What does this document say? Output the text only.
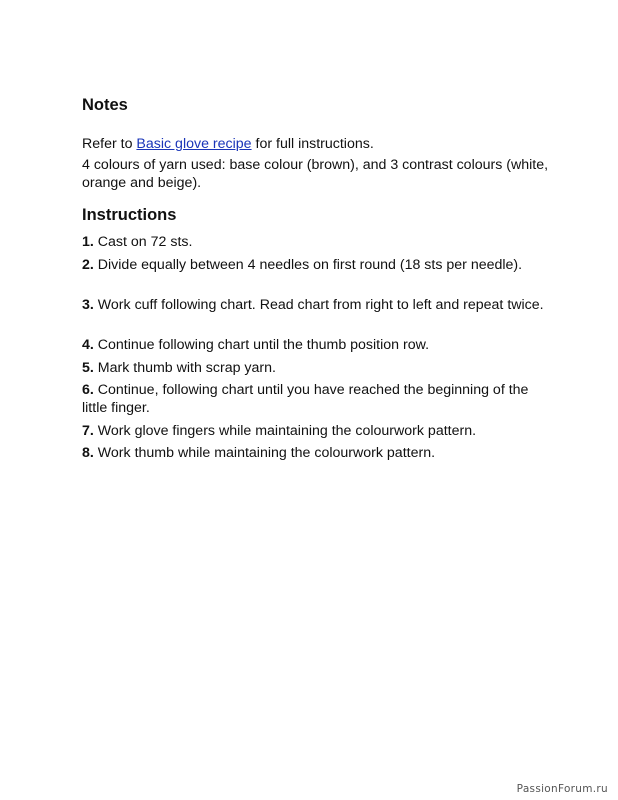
Notes

Refer to Basic glove recipe for full instructions.

4 colours of yarn used: base colour (brown), and 3 contrast colours (white, orange and beige).

Instructions

1. Cast on 72 sts.

2. Divide equally between 4 needles on first round (18 sts per needle).

3. Work cuff following chart. Read chart from right to left and repeat twice.

4. Continue following chart until the thumb position row.

5. Mark thumb with scrap yarn.

6. Continue, following chart until you have reached the beginning of the little finger.

7. Work glove fingers while maintaining the colourwork pattern.

8. Work thumb while maintaining the colourwork pattern.

PassionForum.ru
